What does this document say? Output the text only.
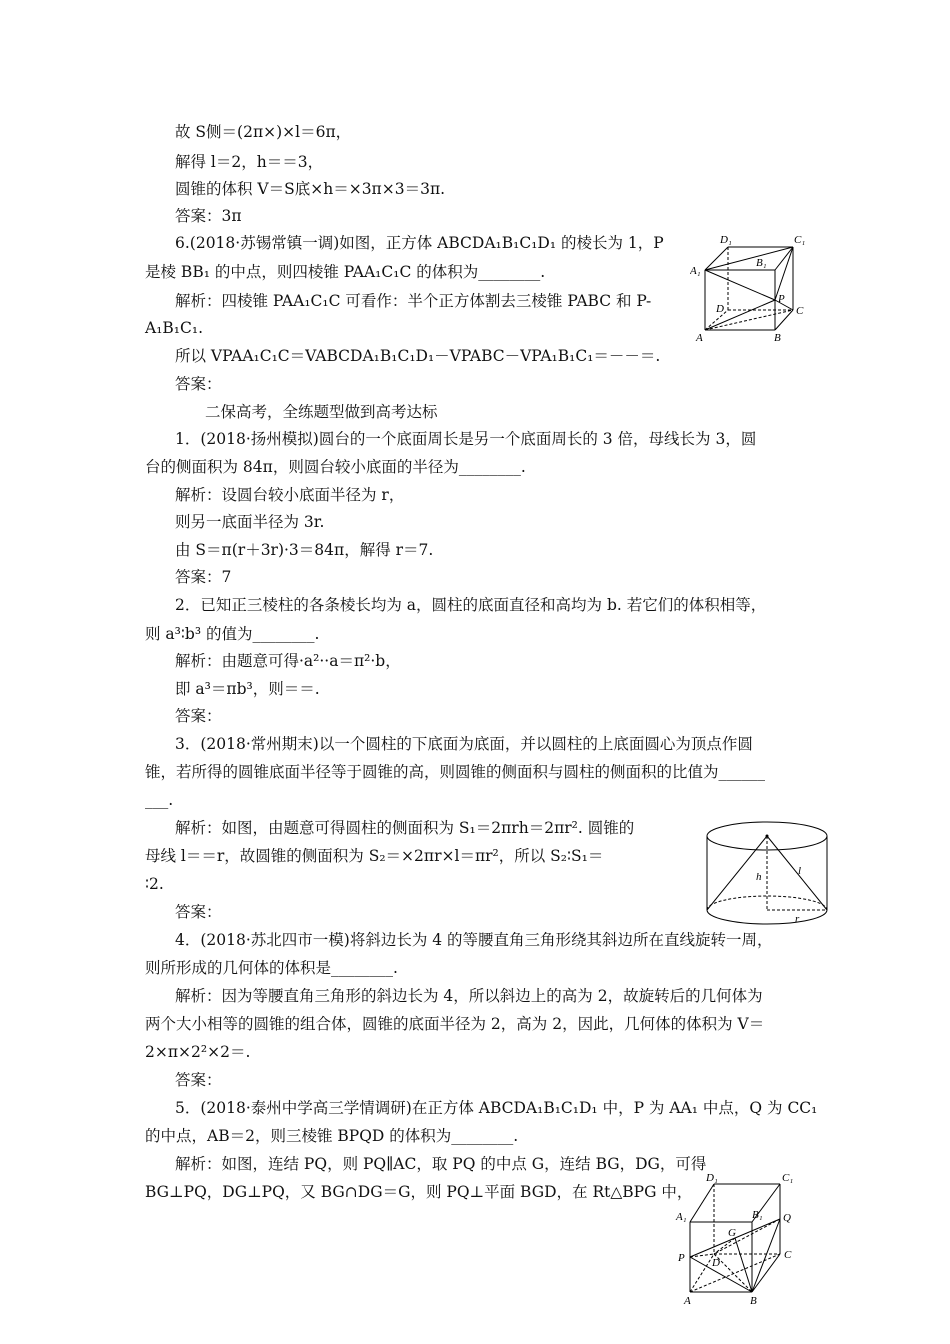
故 S侧＝(2π×)×l＝6π，
解得 l＝2，h＝＝3，
圆锥的体积 V＝S底×h＝×3π×3＝3π.
答案：3π
6.(2018·苏锡常镇一调)如图，正方体 ABCDA₁B₁C₁D₁ 的棱长为 1，P
是棱 BB₁ 的中点，则四棱锥 PAA₁C₁C 的体积为________.
解析：四棱锥 PAA₁C₁C 可看作：半个正方体割去三棱锥 PABC 和 P-
A₁B₁C₁.
所以 VPAA₁C₁C＝VABCDA₁B₁C₁D₁－VPABC－VPA₁B₁C₁＝－－＝.
答案：
二保高考，全练题型做到高考达标
1．(2018·扬州模拟)圆台的一个底面周长是另一个底面周长的 3 倍，母线长为 3，圆
台的侧面积为 84π，则圆台较小底面的半径为________.
解析：设圆台较小底面半径为 r，
则另一底面半径为 3r.
由 S＝π(r＋3r)·3＝84π，解得 r＝7.
答案：7
2．已知正三棱柱的各条棱长均为 a，圆柱的底面直径和高均为 b. 若它们的体积相等，
则 a³∶b³ 的值为________.
解析：由题意可得·a²··a＝π²·b，
即 a³＝πb³，则＝＝.
答案：
3．(2018·常州期末)以一个圆柱的下底面为底面，并以圆柱的上底面圆心为顶点作圆
锥，若所得的圆锥底面半径等于圆锥的高，则圆锥的侧面积与圆柱的侧面积的比值为______
___.
解析：如图，由题意可得圆柱的侧面积为 S₁＝2πrh＝2πr². 圆锥的
母线 l＝＝r，故圆锥的侧面积为 S₂＝×2πr×l＝πr²，所以 S₂∶S₁＝
∶2.
答案：
4．(2018·苏北四市一模)将斜边长为 4 的等腰直角三角形绕其斜边所在直线旋转一周，
则所形成的几何体的体积是________.
解析：因为等腰直角三角形的斜边长为 4，所以斜边上的高为 2，故旋转后的几何体为
两个大小相等的圆锥的组合体，圆锥的底面半径为 2，高为 2，因此，几何体的体积为 V＝
2×π×2²×2＝.
答案：
5．(2018·泰州中学高三学情调研)在正方体 ABCDA₁B₁C₁D₁ 中，P 为 AA₁ 中点，Q 为 CC₁
的中点，AB＝2，则三棱锥 BPQD 的体积为________.
解析：如图，连结 PQ，则 PQ∥AC，取 PQ 的中点 G，连结 BG，DG，可得
BG⊥PQ，DG⊥PQ，又 BG∩DG＝G，则 PQ⊥平面 BGD，在 Rt△BPG 中，
D₁	C₁
A₁
B₁
D
P
C
A	B
h	l
r
D₁	C₁
A₁	B₁
G
Q
P D
C
A	B
